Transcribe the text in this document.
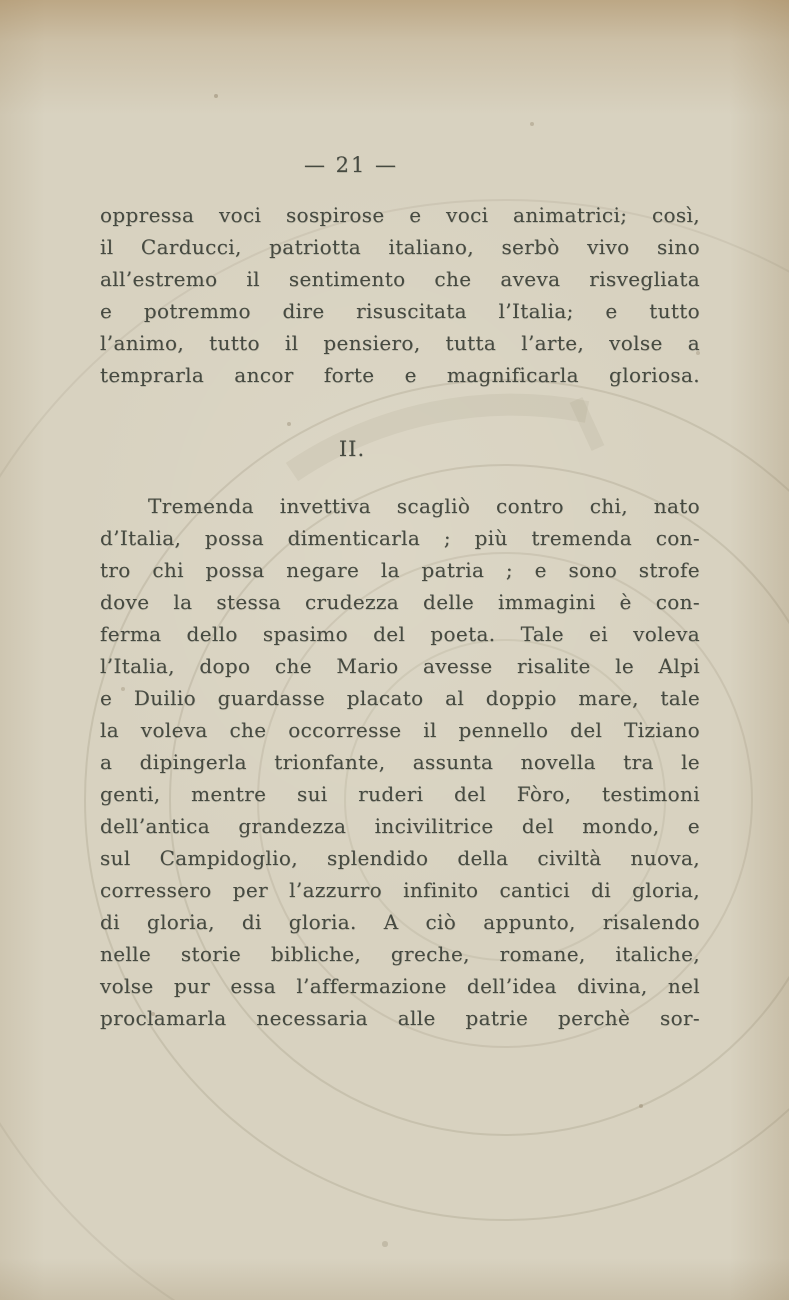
— 21 —
oppressa voci sospirose e voci animatrici; così,
il Carducci, patriotta italiano, serbò vivo sino
all’estremo il sentimento che aveva risvegliata
e potremmo dire risuscitata l’Italia; e tutto
l’animo, tutto il pensiero, tutta l’arte, volse a
temprarla ancor forte e magnificarla gloriosa.
II.
Tremenda invettiva scagliò contro chi, nato
d’Italia, possa dimenticarla ; più tremenda con-
tro chi possa negare la patria ; e sono strofe
dove la stessa crudezza delle immagini è con-
ferma dello spasimo del poeta. Tale ei voleva
l’Italia, dopo che Mario avesse risalite le Alpi
e Duilio guardasse placato al doppio mare, tale
la voleva che occorresse il pennello del Tiziano
a dipingerla trionfante, assunta novella tra le
genti, mentre sui ruderi del Fòro, testimoni
dell’antica grandezza incivilitrice del mondo, e
sul Campidoglio, splendido della civiltà nuova,
corressero per l’azzurro infinito cantici di gloria,
di gloria, di gloria. A ciò appunto, risalendo
nelle storie bibliche, greche, romane, italiche,
volse pur essa l’affermazione dell’idea divina, nel
proclamarla necessaria alle patrie perchè sor-
